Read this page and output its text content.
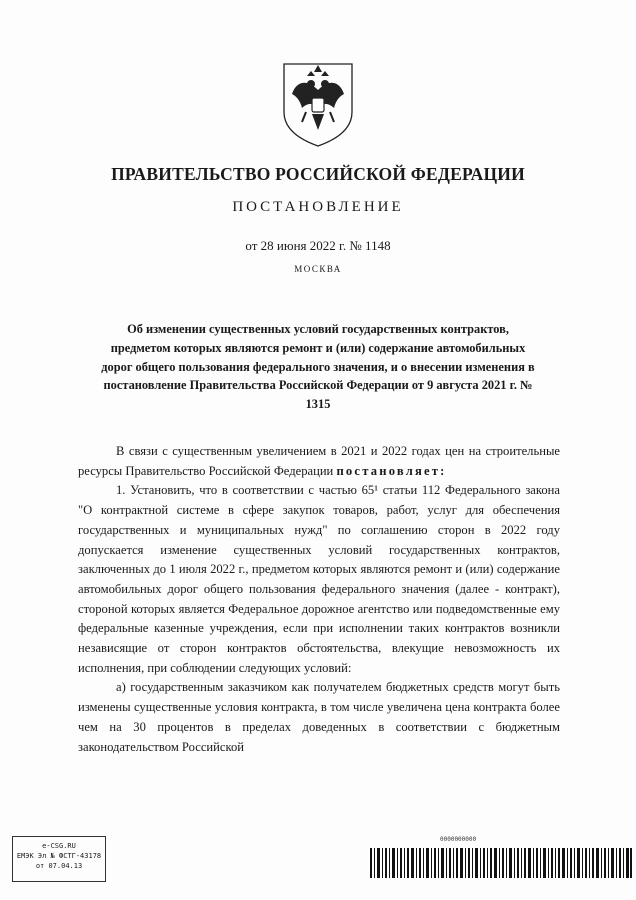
ПРАВИТЕЛЬСТВО РОССИЙСКОЙ ФЕДЕРАЦИИ
ПОСТАНОВЛЕНИЕ
от 28 июня 2022 г. № 1148
МОСКВА
Об изменении существенных условий государственных контрактов, предметом которых являются ремонт и (или) содержание автомобильных дорог общего пользования федерального значения, и о внесении изменения в постановление Правительства Российской Федерации от 9 августа 2021 г. № 1315

В связи с существенным увеличением в 2021 и 2022 годах цен на строительные ресурсы Правительство Российской Федерации постановляет:

1. Установить, что в соответствии с частью 65¹ статьи 112 Федерального закона "О контрактной системе в сфере закупок товаров, работ, услуг для обеспечения государственных и муниципальных нужд" по соглашению сторон в 2022 году допускается изменение существенных условий государственных контрактов, заключенных до 1 июля 2022 г., предметом которых являются ремонт и (или) содержание автомобильных дорог общего пользования федерального значения (далее - контракт), стороной которых является Федеральное дорожное агентство или подведомственные ему федеральные казенные учреждения, если при исполнении таких контрактов возникли независящие от сторон контрактов обстоятельства, влекущие невозможность их исполнения, при соблюдении следующих условий:

а) государственным заказчиком как получателем бюджетных средств могут быть изменены существенные условия контракта, в том числе увеличена цена контракта более чем на 30 процентов в пределах доведенных в соответствии с бюджетным законодательством Российской

e-CSG.RU
ЕМЭК Эл № ФСТГ-43178
от 07.04.13
0000000000
